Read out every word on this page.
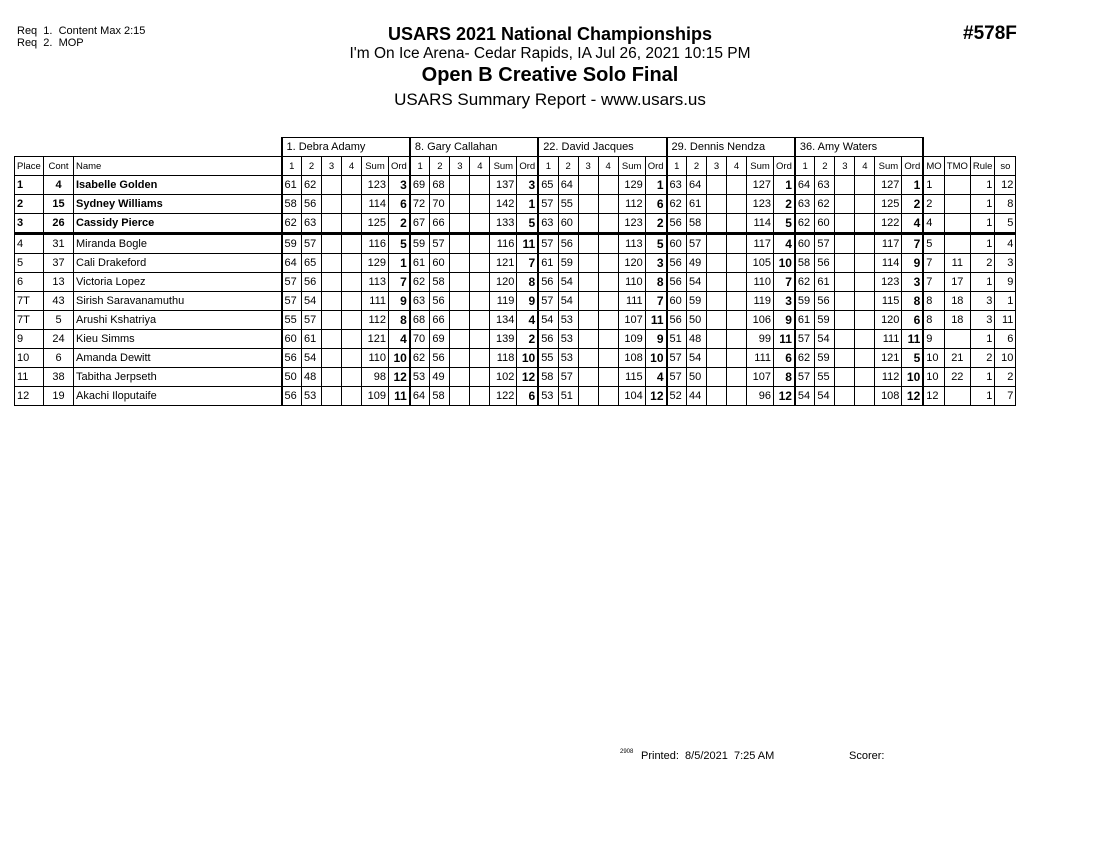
Req  1.  Content Max 2:15
Req  2.  MOP	USARS 2021 National Championships
I'm On Ice Arena- Cedar Rapids, IA Jul 26, 2021 10:15 PM
Open B Creative Solo Final
USARS Summary Report - www.usars.us
#578F
			1. Debra Adamy						8. Gary Callahan						22. David Jacques						29. Dennis Nendza						36. Amy Waters									
Place	Cont	Name	1	2	3	4	Sum	Ord	1	2	3	4	Sum	Ord	1	2	3	4	Sum	Ord	1	2	3	4	Sum	Ord	1	2	3	4	Sum	Ord	MO	TMO	Rule	so
1	4	Isabelle Golden	61	62			123	3	69	68			137	3	65	64			129	1	63	64			127	1	64	63			127	1	1		1	12
2	15	Sydney Williams	58	56			114	6	72	70			142	1	57	55			112	6	62	61			123	2	63	62			125	2	2		1	8
3	26	Cassidy Pierce	62	63			125	2	67	66			133	5	63	60			123	2	56	58			114	5	62	60			122	4	4		1	5
4	31	Miranda Bogle	59	57			116	5	59	57			116	11	57	56			113	5	60	57			117	4	60	57			117	7	5		1	4
5	37	Cali Drakeford	64	65			129	1	61	60			121	7	61	59			120	3	56	49			105	10	58	56			114	9	7	11	2	3
6	13	Victoria Lopez	57	56			113	7	62	58			120	8	56	54			110	8	56	54			110	7	62	61			123	3	7	17	1	9
7T	43	Sirish Saravanamuthu	57	54			111	9	63	56			119	9	57	54			111	7	60	59			119	3	59	56			115	8	8	18	3	1
7T	5	Arushi Kshatriya	55	57			112	8	68	66			134	4	54	53			107	11	56	50			106	9	61	59			120	6	8	18	3	11
9	24	Kieu Simms	60	61			121	4	70	69			139	2	56	53			109	9	51	48			99	11	57	54			111	11	9		1	6
10	6	Amanda Dewitt	56	54			110	10	62	56			118	10	55	53			108	10	57	54			111	6	62	59			121	5	10	21	2	10
11	38	Tabitha Jerpseth	50	48			98	12	53	49			102	12	58	57			115	4	57	50			107	8	57	55			112	10	10	22	1	2
12	19	Akachi Iloputaife	56	53			109	11	64	58			122	6	53	51			104	12	52	44			96	12	54	54			108	12	12		1	7
2908 Printed:  8/5/2021  7:25 AM	Scorer:
